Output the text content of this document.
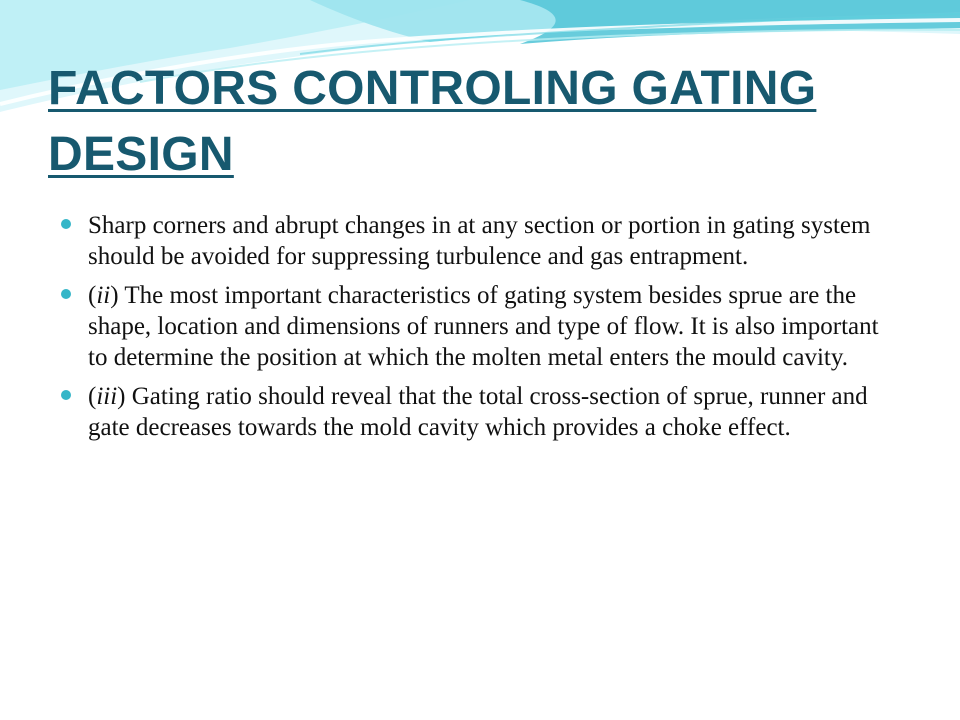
FACTORS CONTROLING GATING DESIGN
Sharp corners and abrupt changes in at any section or portion in gating system should be avoided for suppressing turbulence and gas entrapment.
(ii) The most important characteristics of gating system besides sprue are the shape, location and dimensions of runners and type of flow. It is also important to determine the position at which the molten metal enters the mould cavity.
(iii) Gating ratio should reveal that the total cross-section of sprue, runner and gate decreases towards the mold cavity which provides a choke effect.
